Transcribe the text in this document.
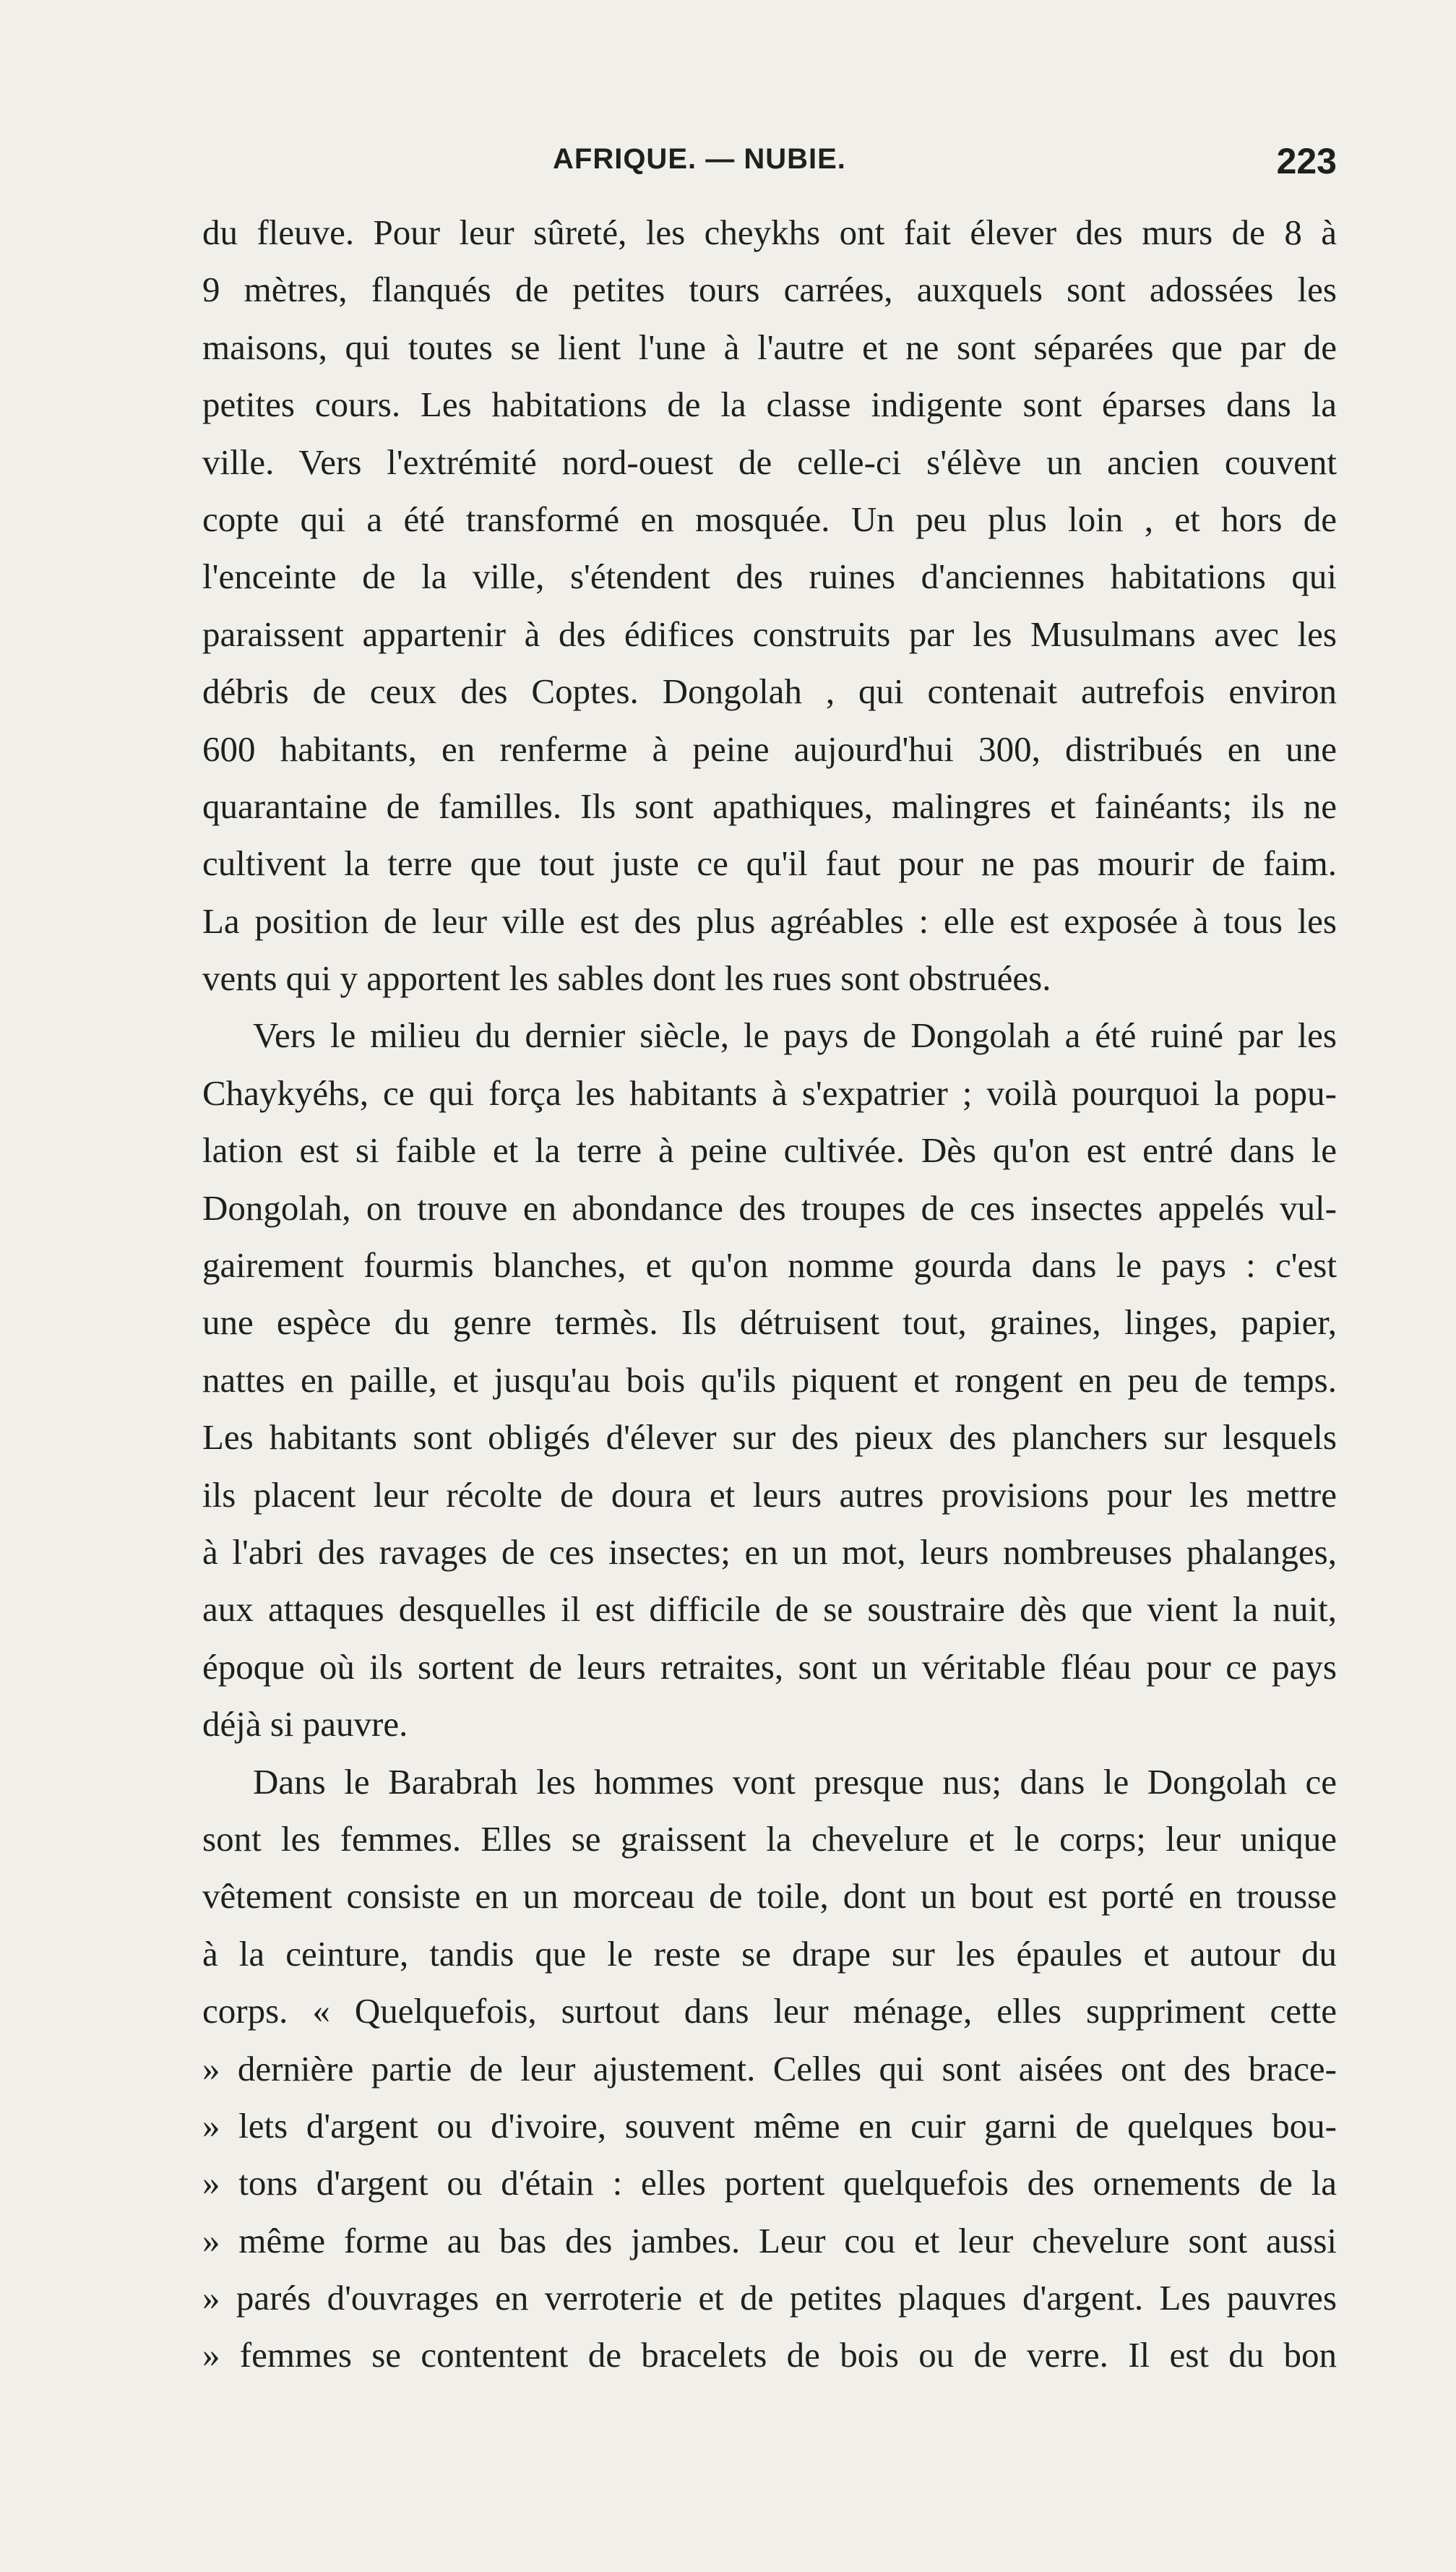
AFRIQUE. — NUBIE.	223
du fleuve. Pour leur sûreté, les cheykhs ont fait élever des murs de 8 à
9 mètres, flanqués de petites tours carrées, auxquels sont adossées les
maisons, qui toutes se lient l'une à l'autre et ne sont séparées que par de
petites cours. Les habitations de la classe indigente sont éparses dans la
ville. Vers l'extrémité nord-ouest de celle-ci s'élève un ancien couvent
copte qui a été transformé en mosquée. Un peu plus loin , et hors de
l'enceinte de la ville, s'étendent des ruines d'anciennes habitations qui
paraissent appartenir à des édifices construits par les Musulmans avec les
débris de ceux des Coptes. Dongolah , qui contenait autrefois environ
600 habitants, en renferme à peine aujourd'hui 300, distribués en une
quarantaine de familles. Ils sont apathiques, malingres et fainéants; ils ne
cultivent la terre que tout juste ce qu'il faut pour ne pas mourir de faim.
La position de leur ville est des plus agréables : elle est exposée à tous les
vents qui y apportent les sables dont les rues sont obstruées.
Vers le milieu du dernier siècle, le pays de Dongolah a été ruiné par les
Chaykyéhs, ce qui força les habitants à s'expatrier ; voilà pourquoi la popu-
lation est si faible et la terre à peine cultivée. Dès qu'on est entré dans le
Dongolah, on trouve en abondance des troupes de ces insectes appelés vul-
gairement fourmis blanches, et qu'on nomme gourda dans le pays : c'est
une espèce du genre termès. Ils détruisent tout, graines, linges, papier,
nattes en paille, et jusqu'au bois qu'ils piquent et rongent en peu de temps.
Les habitants sont obligés d'élever sur des pieux des planchers sur lesquels
ils placent leur récolte de doura et leurs autres provisions pour les mettre
à l'abri des ravages de ces insectes; en un mot, leurs nombreuses phalanges,
aux attaques desquelles il est difficile de se soustraire dès que vient la nuit,
époque où ils sortent de leurs retraites, sont un véritable fléau pour ce pays
déjà si pauvre.
Dans le Barabrah les hommes vont presque nus; dans le Dongolah ce
sont les femmes. Elles se graissent la chevelure et le corps; leur unique
vêtement consiste en un morceau de toile, dont un bout est porté en trousse
à la ceinture, tandis que le reste se drape sur les épaules et autour du
corps. « Quelquefois, surtout dans leur ménage, elles suppriment cette
» dernière partie de leur ajustement. Celles qui sont aisées ont des brace-
» lets d'argent ou d'ivoire, souvent même en cuir garni de quelques bou-
» tons d'argent ou d'étain : elles portent quelquefois des ornements de la
» même forme au bas des jambes. Leur cou et leur chevelure sont aussi
» parés d'ouvrages en verroterie et de petites plaques d'argent. Les pauvres
» femmes se contentent de bracelets de bois ou de verre. Il est du bon
